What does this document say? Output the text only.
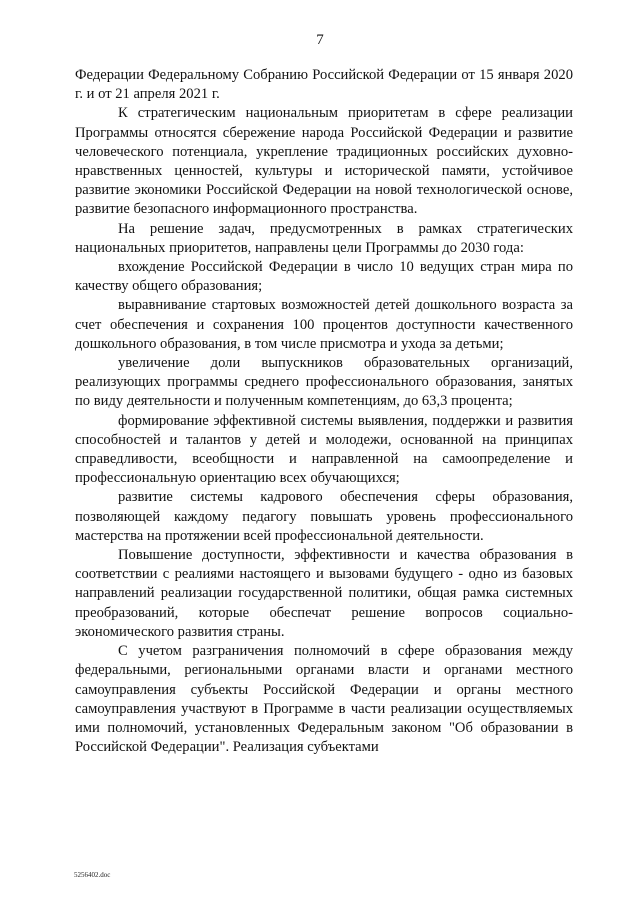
7

Федерации Федеральному Собранию Российской Федерации от 15 января 2020 г. и от 21 апреля 2021 г.

К стратегическим национальным приоритетам в сфере реализации Программы относятся сбережение народа Российской Федерации и развитие человеческого потенциала, укрепление традиционных российских духовно-нравственных ценностей, культуры и исторической памяти, устойчивое развитие экономики Российской Федерации на новой технологической основе, развитие безопасного информационного пространства.

На решение задач, предусмотренных в рамках стратегических национальных приоритетов, направлены цели Программы до 2030 года:

вхождение Российской Федерации в число 10 ведущих стран мира по качеству общего образования;

выравнивание стартовых возможностей детей дошкольного возраста за счет обеспечения и сохранения 100 процентов доступности качественного дошкольного образования, в том числе присмотра и ухода за детьми;

увеличение доли выпускников образовательных организаций, реализующих программы среднего профессионального образования, занятых по виду деятельности и полученным компетенциям, до 63,3 процента;

формирование эффективной системы выявления, поддержки и развития способностей и талантов у детей и молодежи, основанной на принципах справедливости, всеобщности и направленной на самоопределение и профессиональную ориентацию всех обучающихся;

развитие системы кадрового обеспечения сферы образования, позволяющей каждому педагогу повышать уровень профессионального мастерства на протяжении всей профессиональной деятельности.

Повышение доступности, эффективности и качества образования в соответствии с реалиями настоящего и вызовами будущего - одно из базовых направлений реализации государственной политики, общая рамка системных преобразований, которые обеспечат решение вопросов социально-экономического развития страны.

С учетом разграничения полномочий в сфере образования между федеральными, региональными органами власти и органами местного самоуправления субъекты Российской Федерации и органы местного самоуправления участвуют в Программе в части реализации осуществляемых ими полномочий, установленных Федеральным законом "Об образовании в Российской Федерации". Реализация субъектами

5256402.doc
